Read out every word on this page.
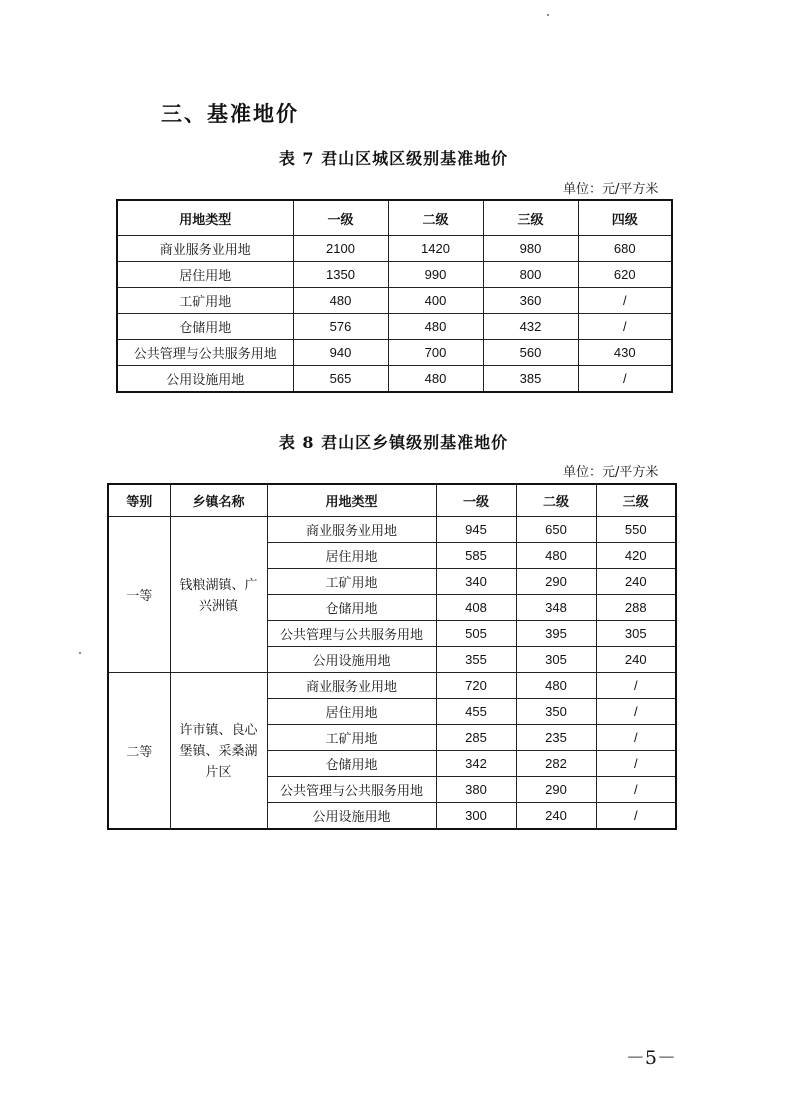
三、基准地价
表 7 君山区城区级别基准地价
单位：元/平方米
用地类型	一级	二级	三级	四级
商业服务业用地	2100	1420	980	680
居住用地	1350	990	800	620
工矿用地	480	400	360	/
仓储用地	576	480	432	/
公共管理与公共服务用地	940	700	560	430
公用设施用地	565	480	385	/
表 8 君山区乡镇级别基准地价
单位：元/平方米
等别	乡镇名称	用地类型	一级	二级	三级
一等	钱粮湖镇、广兴洲镇	商业服务业用地	945	650	550
		居住用地	585	480	420
		工矿用地	340	290	240
		仓储用地	408	348	288
		公共管理与公共服务用地	505	395	305
		公用设施用地	355	305	240
二等	许市镇、良心堡镇、采桑湖片区	商业服务业用地	720	480	/
		居住用地	455	350	/
		工矿用地	285	235	/
		仓储用地	342	282	/
		公共管理与公共服务用地	380	290	/
		公用设施用地	300	240	/
－5－
